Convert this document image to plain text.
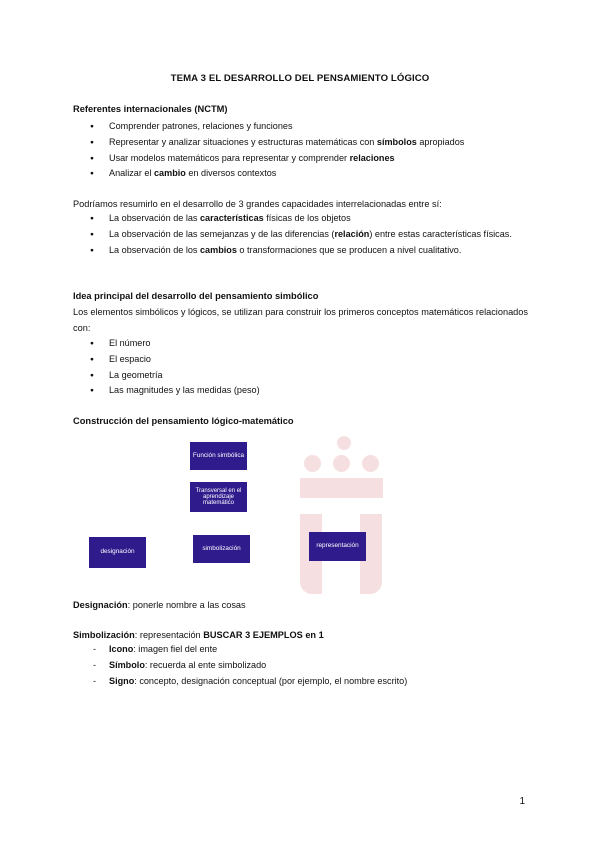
TEMA 3 EL DESARROLLO DEL PENSAMIENTO LÓGICO
Referentes internacionales (NCTM)
● Comprender patrones, relaciones y funciones
● Representar y analizar situaciones y estructuras matemáticas con símbolos apropiados
● Usar modelos matemáticos para representar y comprender relaciones
● Analizar el cambio en diversos contextos
Podríamos resumirlo en el desarrollo de 3 grandes capacidades interrelacionadas entre sí:
● La observación de las características físicas de los objetos
● La observación de las semejanzas y de las diferencias (relación) entre estas características físicas.
● La observación de los cambios o transformaciones que se producen a nivel cualitativo.
Idea principal del desarrollo del pensamiento simbólico
Los elementos simbólicos y lógicos, se utilizan para construir los primeros conceptos matemáticos relacionados con:
● El número
● El espacio
● La geometría
● Las magnitudes y las medidas (peso)
Construcción del pensamiento lógico-matemático
Función simbólica
Transversal en el aprendizaje matemático
designación	simbolización	representación
Designación: ponerle nombre a las cosas
Simbolización: representación BUSCAR 3 EJEMPLOS en 1
- Icono: imagen fiel del ente
- Símbolo: recuerda al ente simbolizado
- Signo: concepto, designación conceptual (por ejemplo, el nombre escrito)
1
